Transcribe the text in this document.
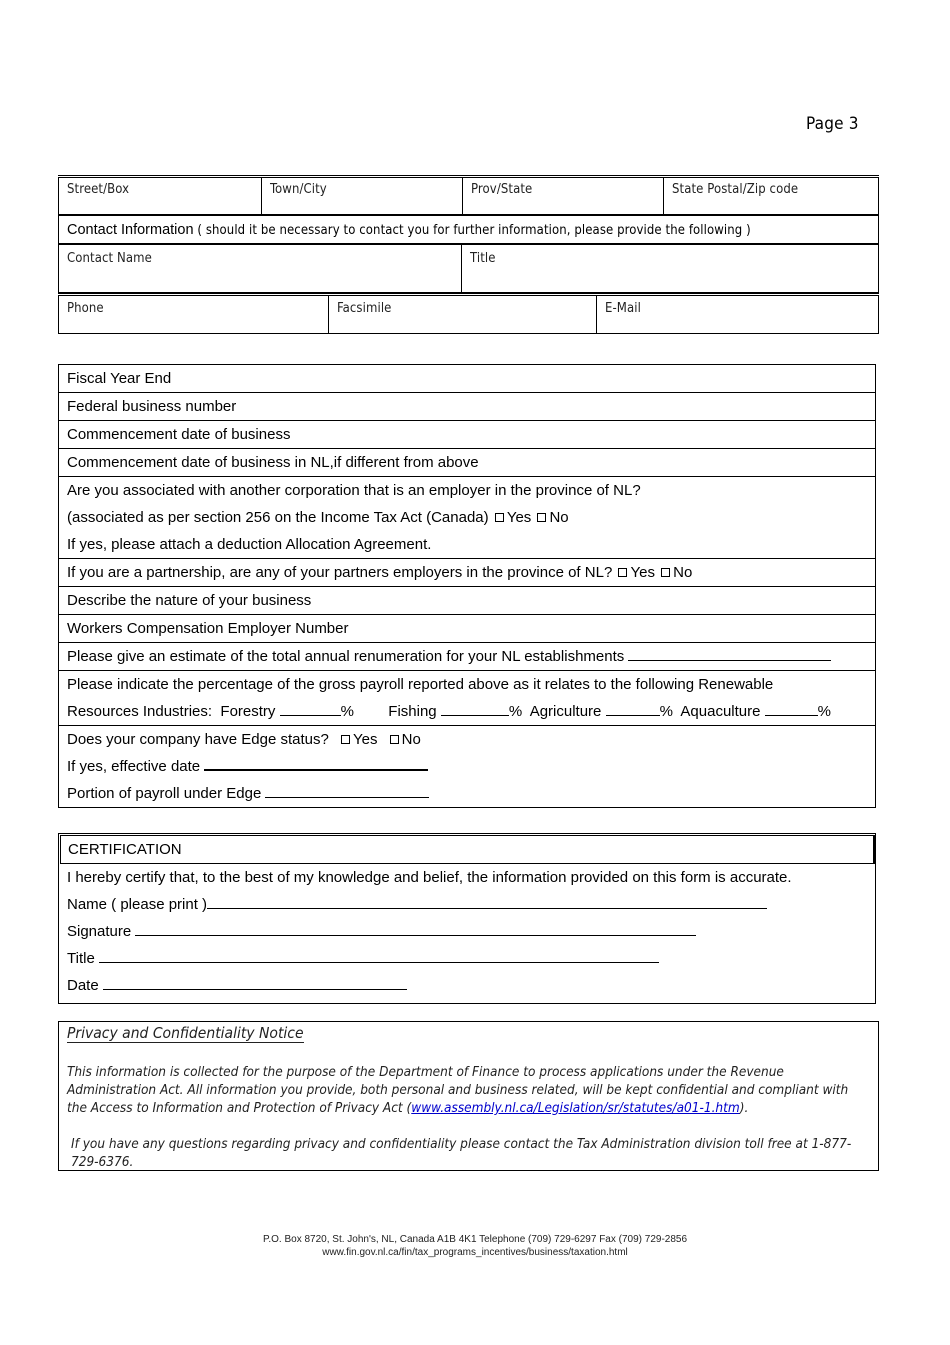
Page 3
Street/Box	Town/City	Prov/State	State Postal/Zip code
Contact Information ( should it be necessary to contact you for further information, please provide the following )
Contact Name	Title
Phone	Facsimile	E-Mail
Fiscal Year End
Federal business number
Commencement date of business
Commencement date of business in NL,if different from above
Are you associated with another corporation that is an employer in the province of NL?
(associated as per section 256 on the Income Tax Act (Canada) Yes No
If yes, please attach a deduction Allocation Agreement.
If you are a partnership, are any of your partners employers in the province of NL? Yes No
Describe the nature of your business
Workers Compensation Employer Number
Please give an estimate of the total annual renumeration for your NL establishments
Please indicate the percentage of the gross payroll reported above as it relates to the following Renewable
Resources Industries: Forestry	% Fishing	% Agriculture	% Aquaculture	%
Does your company have Edge status? Yes No
If yes, effective date
Portion of payroll under Edge
CERTIFICATION
I hereby certify that, to the best of my knowledge and belief, the information provided on this form is accurate.
Name ( please print )
Signature
Title
Date
Privacy and Confidentiality Notice
This information is collected for the purpose of the Department of Finance to process applications under the Revenue Administration Act. All information you provide, both personal and business related, will be kept confidential and compliant with the Access to Information and Protection of Privacy Act (www.assembly.nl.ca/Legislation/sr/statutes/a01-1.htm).
If you have any questions regarding privacy and confidentiality please contact the Tax Administration division toll free at 1-877-729-6376.
P.O. Box 8720, St. John's, NL, Canada A1B 4K1 Telephone (709) 729-6297 Fax (709) 729-2856
www.fin.gov.nl.ca/fin/tax_programs_incentives/business/taxation.html
